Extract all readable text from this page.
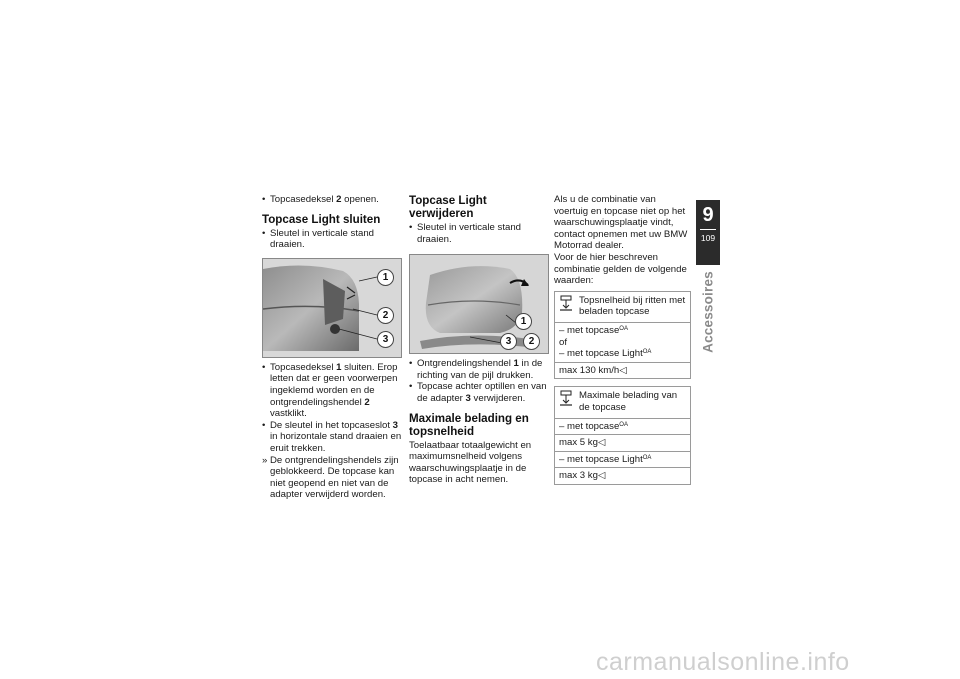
• Topcasedeksel 2 openen.

Topcase Light sluiten

• Sleutel in verticale stand draaien.

1
2
3

• Topcasedeksel 1 sluiten. Erop letten dat er geen voorwerpen ingeklemd worden en de ontgrendelingshendel 2 vastklikt.

• De sleutel in het topcaseslot 3 in horizontale stand draaien en eruit trekken.

» De ontgrendelingshendels zijn geblokkeerd. De topcase kan niet geopend en niet van de adapter verwijderd worden.

Topcase Light verwijderen

• Sleutel in verticale stand draaien.

1
3	2

• Ontgrendelingshendel 1 in de richting van de pijl drukken.

• Topcase achter optillen en van de adapter 3 verwijderen.

Maximale belading en topsnelheid

Toelaatbaar totaalgewicht en maximumsnelheid volgens waarschuwingsplaatje in de topcase in acht nemen.

Als u de combinatie van voertuig en topcase niet op het waarschuwingsplaatje vindt, contact opnemen met uw BMW Motorrad dealer.

Voor de hier beschreven combinatie gelden de volgende waarden:

Topsnelheid bij ritten met beladen topcase
– met topcase$^{OA}$
of
– met topcase Light$^{OA}$
max 130 km/h◁
Maximale belading van de topcase
– met topcase$^{OA}$
max 5 kg◁
– met topcase Light$^{OA}$
max 3 kg◁
9
109
Accessoires
carmanualsonline.info
